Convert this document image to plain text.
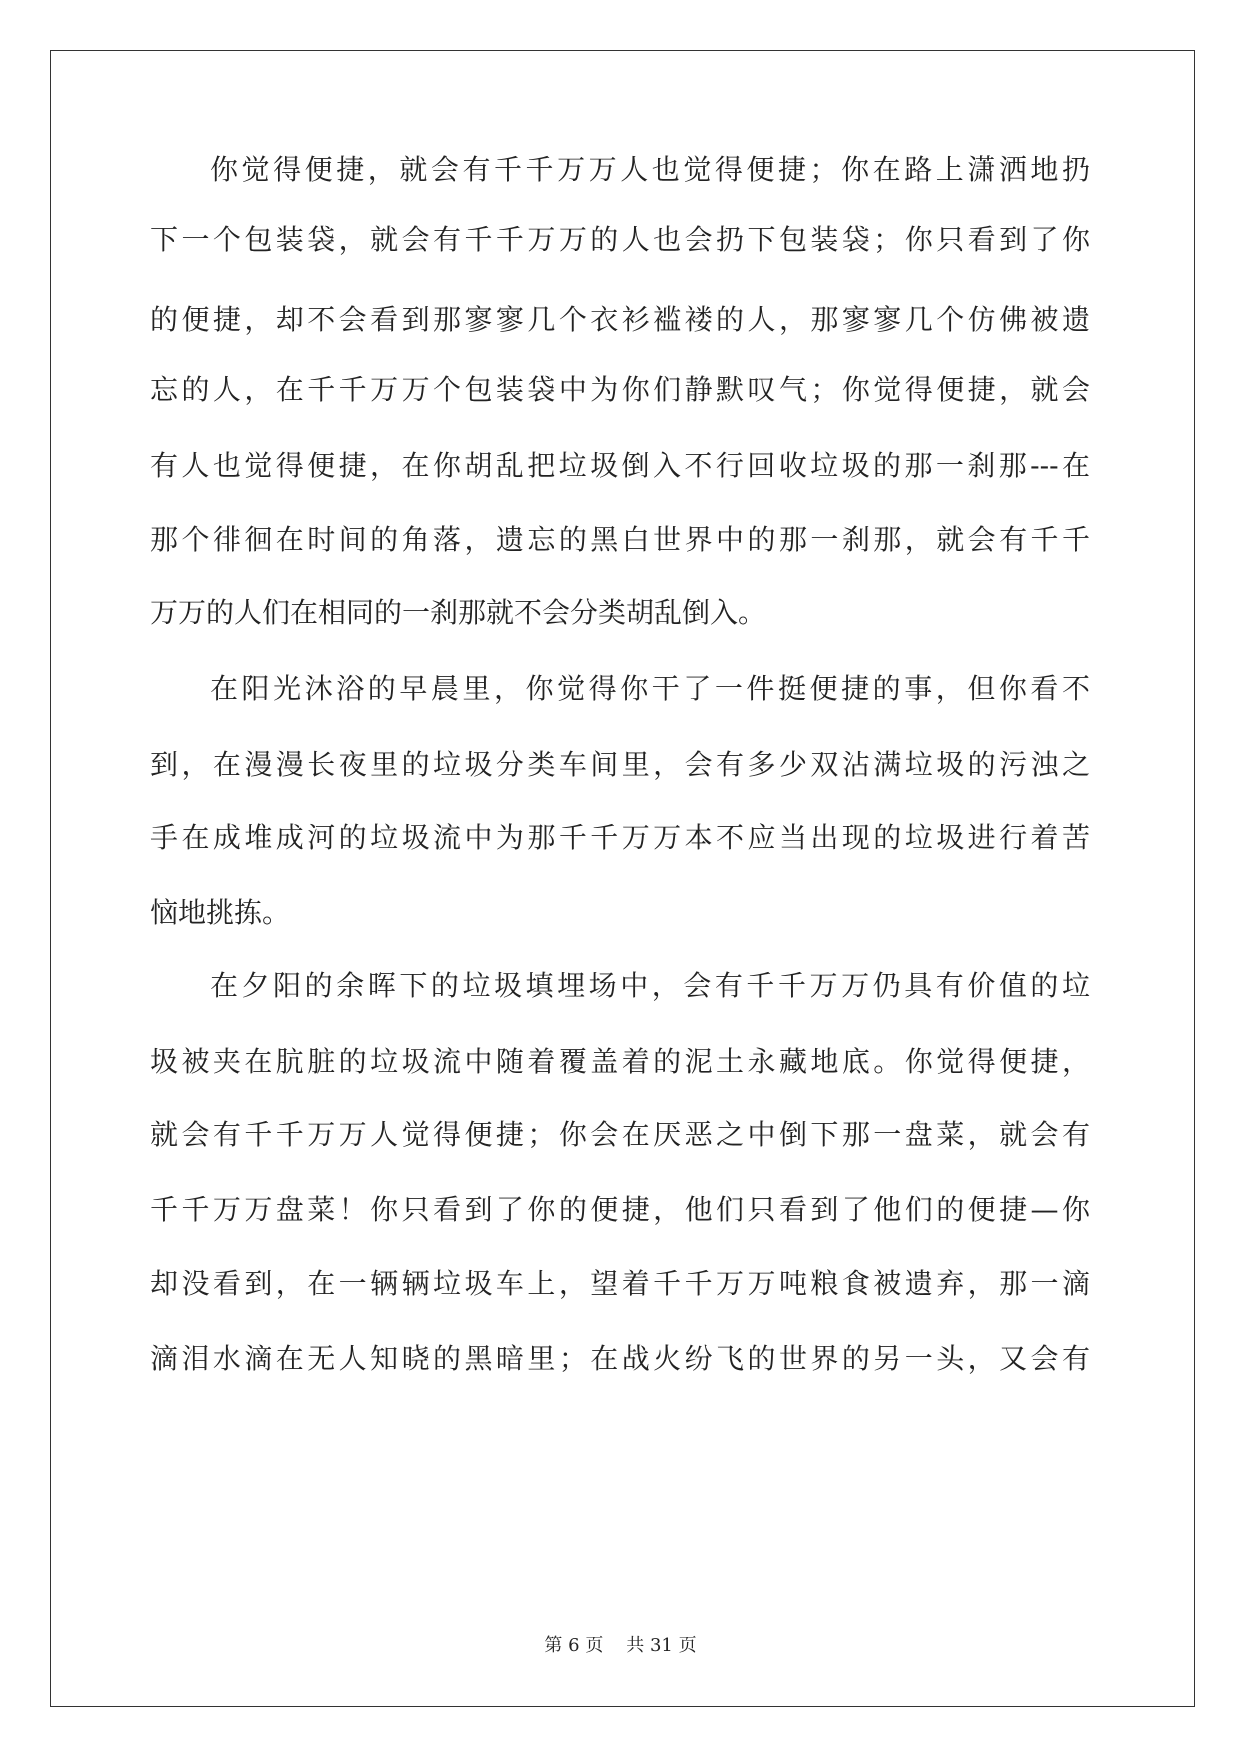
你觉得便捷，就会有千千万万人也觉得便捷；你在路上潇洒地扔
下一个包装袋，就会有千千万万的人也会扔下包装袋；你只看到了你
的便捷，却不会看到那寥寥几个衣衫褴褛的人，那寥寥几个仿佛被遗
忘的人，在千千万万个包装袋中为你们静默叹气；你觉得便捷，就会
有人也觉得便捷，在你胡乱把垃圾倒入不行回收垃圾的那一刹那---在
那个徘徊在时间的角落，遗忘的黑白世界中的那一刹那，就会有千千
万万的人们在相同的一刹那就不会分类胡乱倒入。
在阳光沐浴的早晨里，你觉得你干了一件挺便捷的事，但你看不
到，在漫漫长夜里的垃圾分类车间里，会有多少双沾满垃圾的污浊之
手在成堆成河的垃圾流中为那千千万万本不应当出现的垃圾进行着苦
恼地挑拣。
在夕阳的余晖下的垃圾填埋场中，会有千千万万仍具有价值的垃
圾被夹在肮脏的垃圾流中随着覆盖着的泥土永藏地底。你觉得便捷，
就会有千千万万人觉得便捷；你会在厌恶之中倒下那一盘菜，就会有
千千万万盘菜！你只看到了你的便捷，他们只看到了他们的便捷—你
却没看到，在一辆辆垃圾车上，望着千千万万吨粮食被遗弃，那一滴
滴泪水滴在无人知晓的黑暗里；在战火纷飞的世界的另一头，又会有
第 6 页 共 31 页
